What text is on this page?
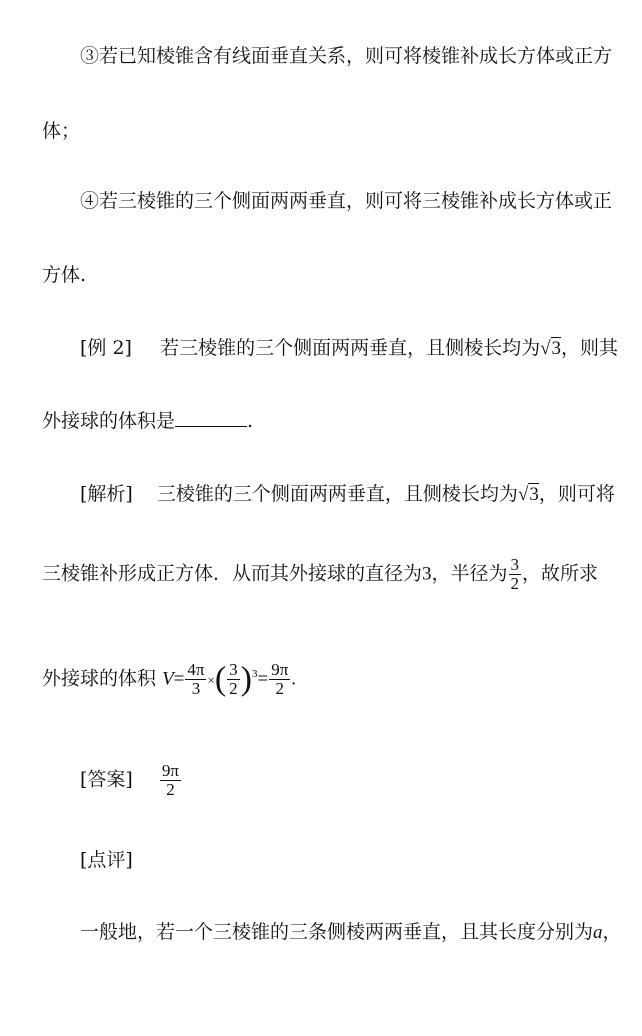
③若已知棱锥含有线面垂直关系，则可将棱锥补成长方体或正方
体；
④若三棱锥的三个侧面两两垂直，则可将三棱锥补成长方体或正
方体.
[例 2] 若三棱锥的三个侧面两两垂直，且侧棱长均为√3，则其
外接球的体积是	.
[解析] 三棱锥的三个侧面两两垂直，且侧棱长均为√3，则可将
三棱锥补形成正方体．从而其外接球的直径为3，半径为 $\frac{3}{2}$ ，故所求
外接球的体积 $V= \frac{4\pi}{3}$ ×( $\frac{3}{2} )^3= \frac{9\pi}{2}$ .
[答案] $\frac{9\pi}{2}$
[点评]
一般地，若一个三棱锥的三条侧棱两两垂直，且其长度分别为a，
